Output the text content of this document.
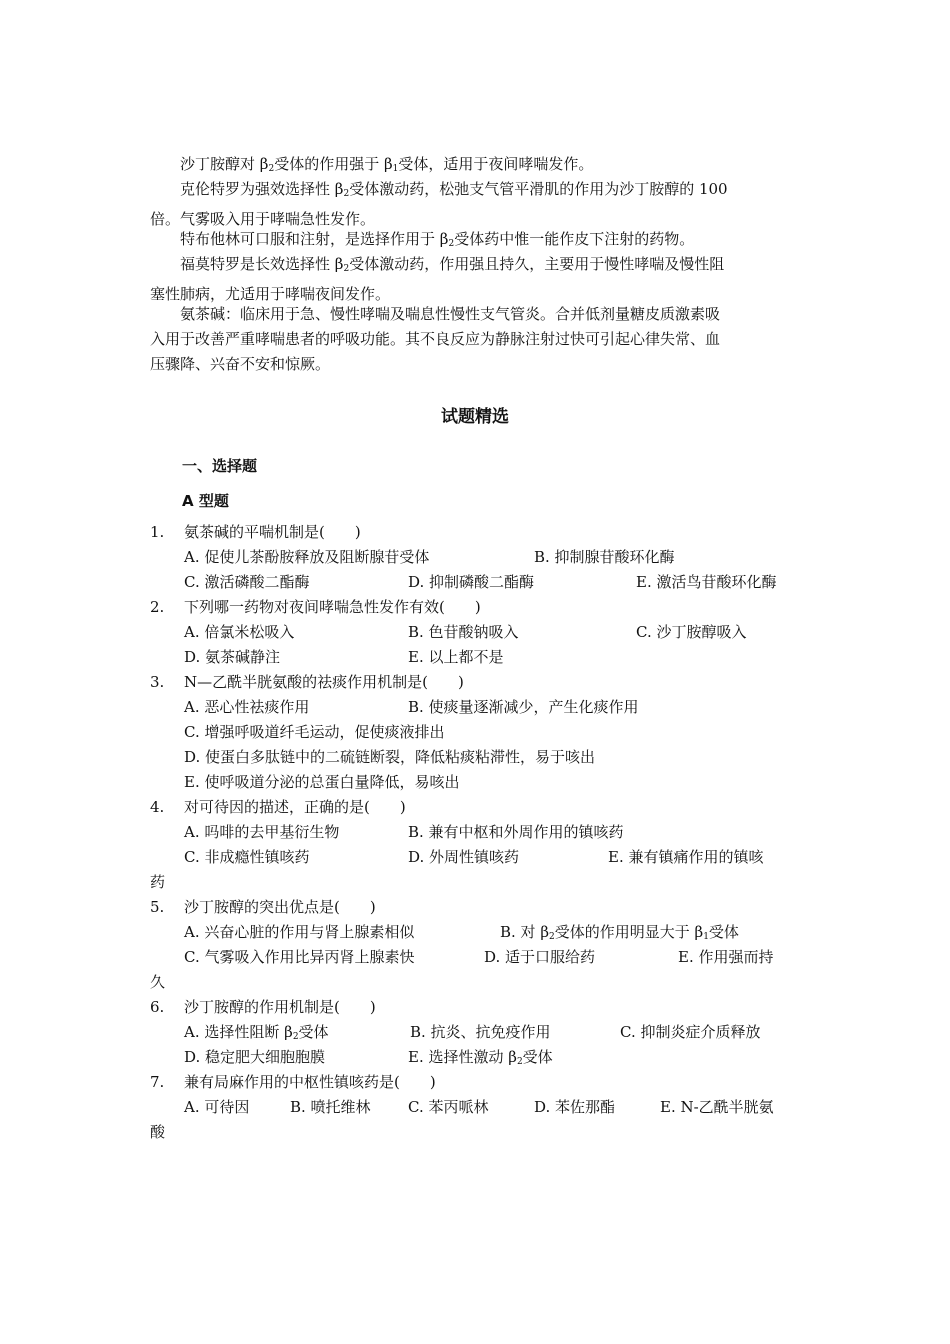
沙丁胺醇对 $\beta_2$受体的作用强于 $\beta_1$受体，适用于夜间哮喘发作。
克伦特罗为强效选择性 $\beta_2$受体激动药，松弛支气管平滑肌的作用为沙丁胺醇的 100
倍。气雾吸入用于哮喘急性发作。
特布他林可口服和注射，是选择作用于 $\beta_2$受体药中惟一能作皮下注射的药物。
福莫特罗是长效选择性 $\beta_2$受体激动药，作用强且持久，主要用于慢性哮喘及慢性阻
塞性肺病，尤适用于哮喘夜间发作。
氨茶碱：临床用于急、慢性哮喘及喘息性慢性支气管炎。合并低剂量糖皮质激素吸
入用于改善严重哮喘患者的呼吸功能。其不良反应为静脉注射过快可引起心律失常、血
压骤降、兴奋不安和惊厥。
试题精选
一、选择题
A 型题
1. 氨茶碱的平喘机制是(　　)
A. 促使儿茶酚胺释放及阻断腺苷受体	B. 抑制腺苷酸环化酶
C. 激活磷酸二酯酶	D. 抑制磷酸二酯酶	E. 激活鸟苷酸环化酶
2. 下列哪一药物对夜间哮喘急性发作有效(　　)
A. 倍氯米松吸入	B. 色苷酸钠吸入	C. 沙丁胺醇吸入
D. 氨茶碱静注	E. 以上都不是
3. N—乙酰半胱氨酸的祛痰作用机制是(　　)
A. 恶心性祛痰作用	B. 使痰量逐渐减少，产生化痰作用
C. 增强呼吸道纤毛运动，促使痰液排出
D. 使蛋白多肽链中的二硫链断裂，降低粘痰粘滞性，易于咳出
E. 使呼吸道分泌的总蛋白量降低，易咳出
4. 对可待因的描述，正确的是(　　)
A. 吗啡的去甲基衍生物	B. 兼有中枢和外周作用的镇咳药
C. 非成瘾性镇咳药	D. 外周性镇咳药	E. 兼有镇痛作用的镇咳
药
5. 沙丁胺醇的突出优点是(　　)
A. 兴奋心脏的作用与肾上腺素相似	B. 对 $\beta_2$受体的作用明显大于 $\beta_1$受体
C. 气雾吸入作用比异丙肾上腺素快	D. 适于口服给药	E. 作用强而持
久
6. 沙丁胺醇的作用机制是(　　)
A. 选择性阻断 $\beta_2$受体	B. 抗炎、抗免疫作用	C. 抑制炎症介质释放
D. 稳定肥大细胞胞膜	E. 选择性激动 $\beta_2$受体
7. 兼有局麻作用的中枢性镇咳药是(　　)
A. 可待因	B. 喷托维林 C. 苯丙哌林	D. 苯佐那酯	E. N-乙酰半胱氨
酸
